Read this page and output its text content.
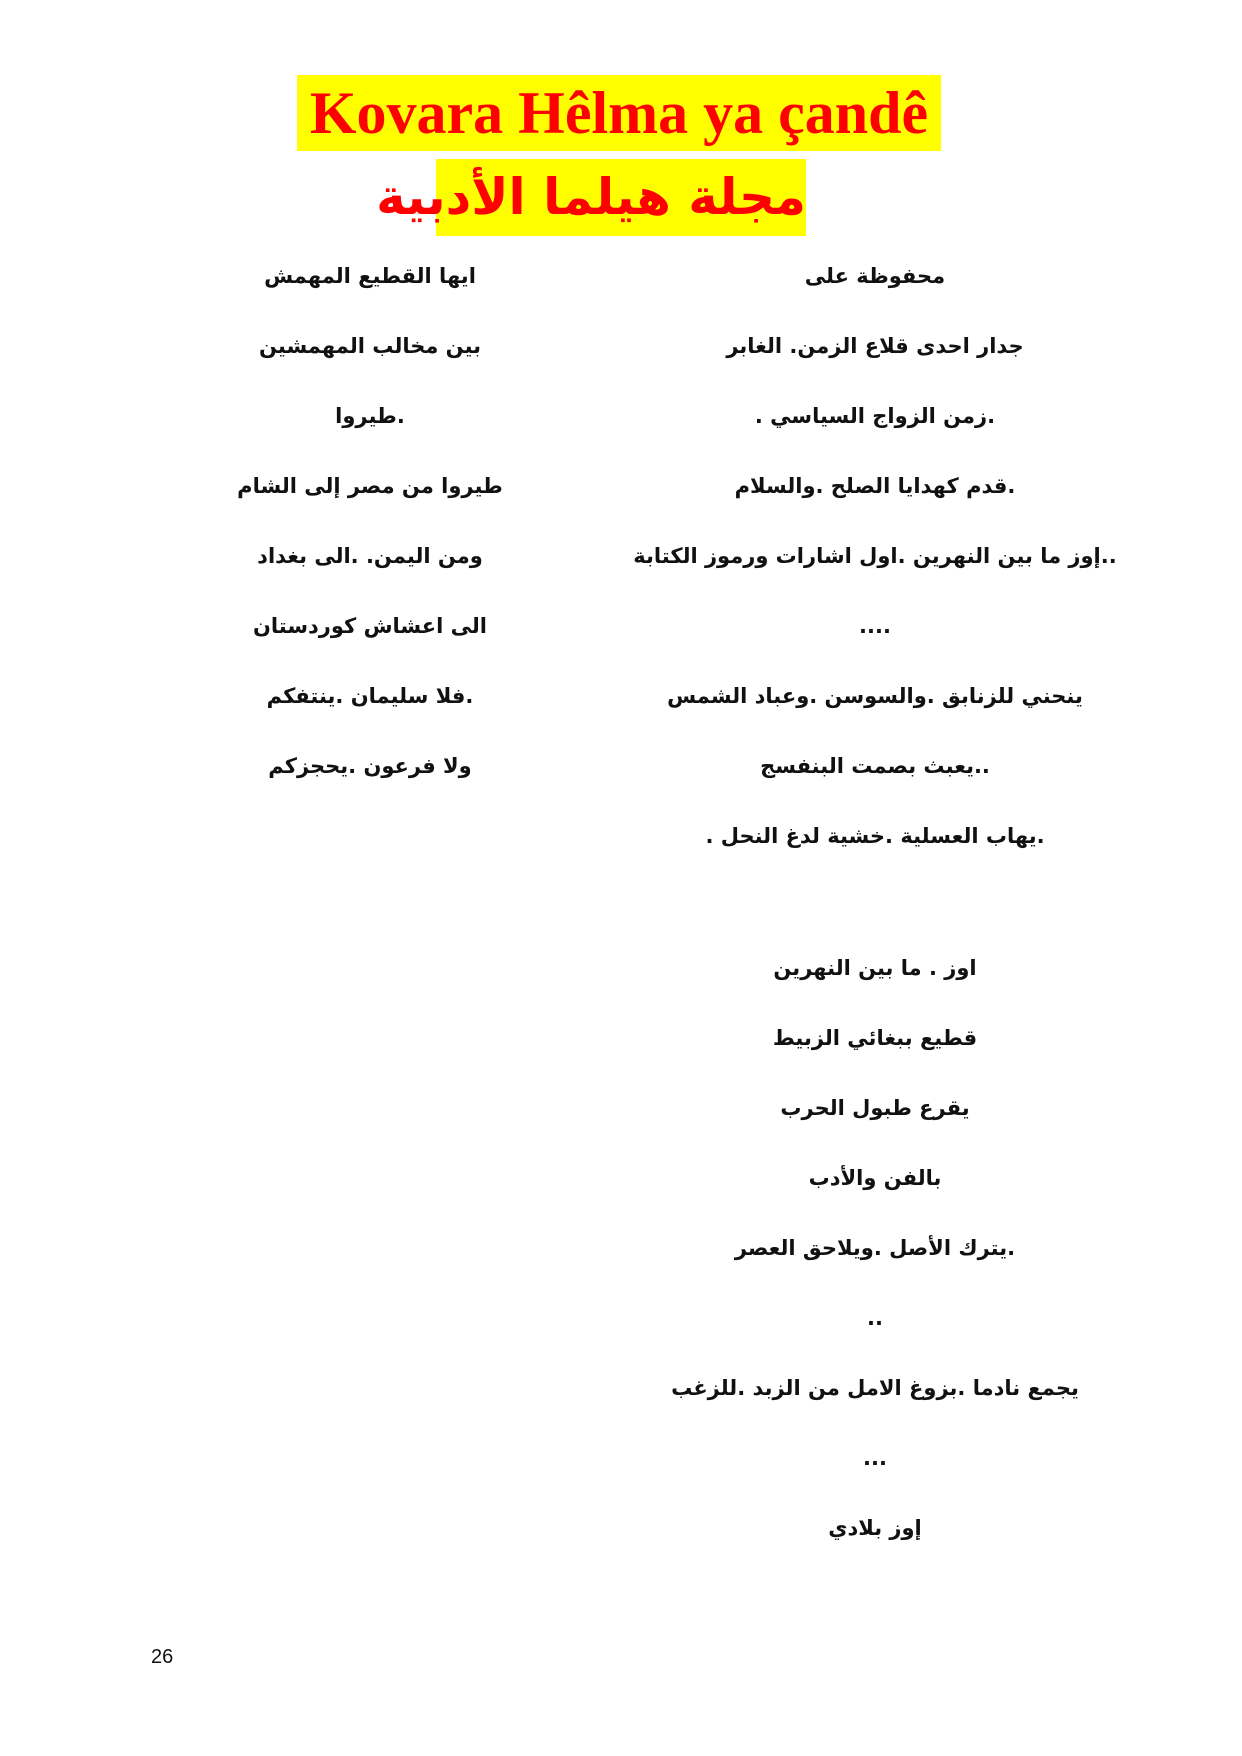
Kovara Hêlma ya çandê
مجلة هيلما الأدبية
محفوظة على
جدار احدى قلاع الزمن. الغابر
.زمن الزواج السياسي .
.قدم كهدايا الصلح .والسلام
..إوز ما بين النهرين .اول اشارات ورموز الكتابة
....
ينحني للزنابق .والسوسن .وعباد الشمس
..يعبث بصمت البنفسج
.يهاب العسلية .خشية لدغ النحل .
اوز . ما بين النهرين
قطيع ببغائي الزبيط
يقرع طبول الحرب
بالفن والأدب
.يترك الأصل .ويلاحق العصر
..
يجمع نادما .بزوغ الامل من الزبد .للزغب
...
إوز بلادي
ايها القطيع المهمش
بين مخالب المهمشين
.طيروا
طيروا من مصر إلى الشام
ومن اليمن. .الى بغداد
الى اعشاش كوردستان
.فلا سليمان .ينتفكم
ولا فرعون .يحجزكم
26
